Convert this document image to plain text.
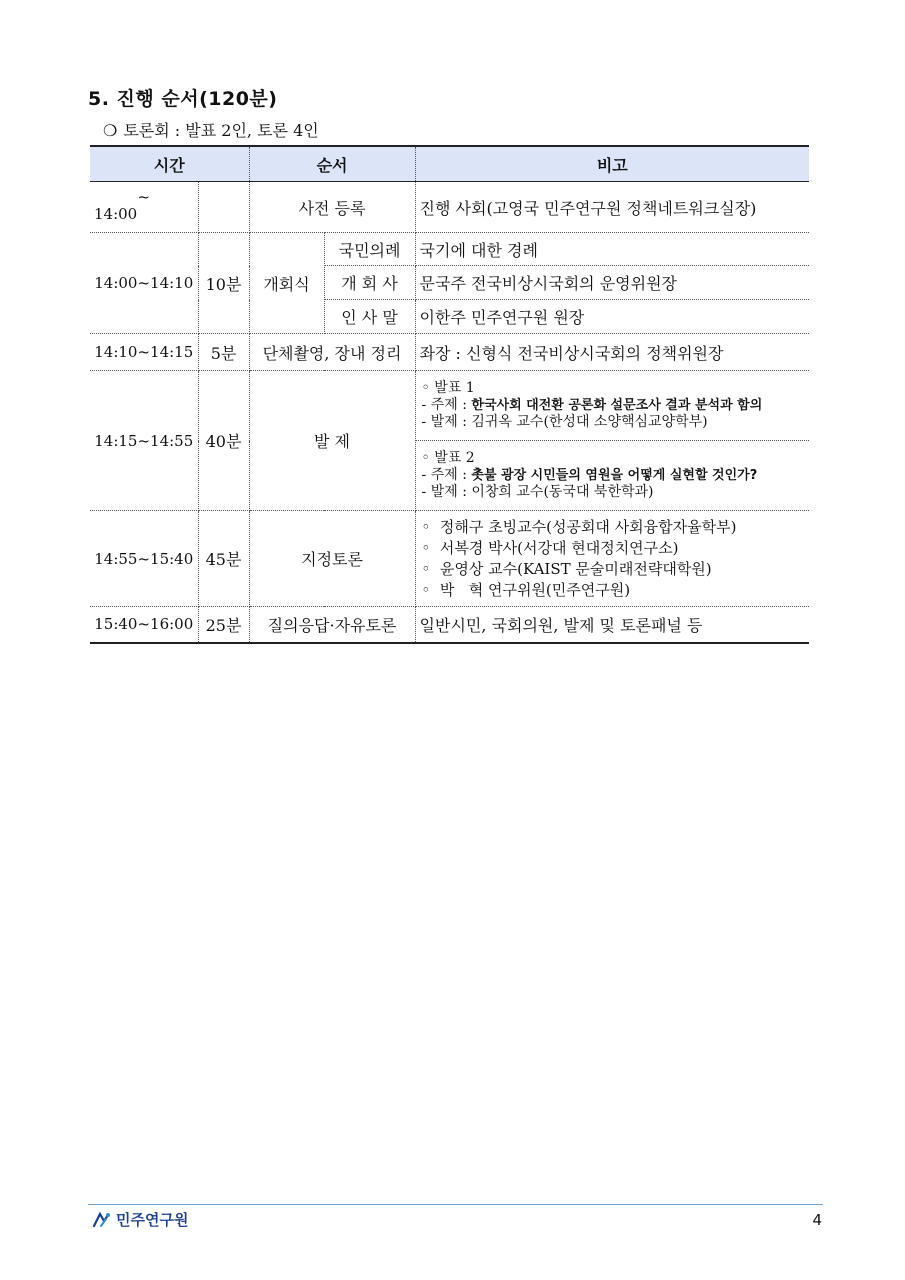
5. 진행 순서(120분)
❍ 토론회 : 발표 2인, 토론 4인
시간		순서		비고

~
14:00		사전 등록		진행 사회(고영국 민주연구원 정책네트워크실장)
14:00~14:10	10분	개회식	국민의례	국기에 대한 경례
			개 회 사	문국주 전국비상시국회의 운영위원장
			인 사 말	이한주 민주연구원 원장
14:10~14:15	5분	단체촬영, 장내 정리		좌장 : 신형식 전국비상시국회의 정책위원장
14:15~14:55	40분	발 제		◦ 발표 1
- 주제 : 한국사회 대전환 공론화 설문조사 결과 분석과 함의
- 발제 : 김귀옥 교수(한성대 소양핵심교양학부)

				◦ 발표 2
- 주제 : 촛불 광장 시민들의 염원을 어떻게 실현할 것인가?
- 발제 : 이창희 교수(동국대 북한학과)

14:55~15:40	45분	지정토론		◦  정해구 초빙교수(성공회대 사회융합자율학부)
◦  서복경 박사(서강대 현대정치연구소)
◦  윤영상 교수(KAIST 문술미래전략대학원)
◦  박   혁 연구위원(민주연구원)

15:40~16:00	25분	질의응답·자유토론		일반시민, 국회의원, 발제 및 토론패널 등
민주연구원	4
